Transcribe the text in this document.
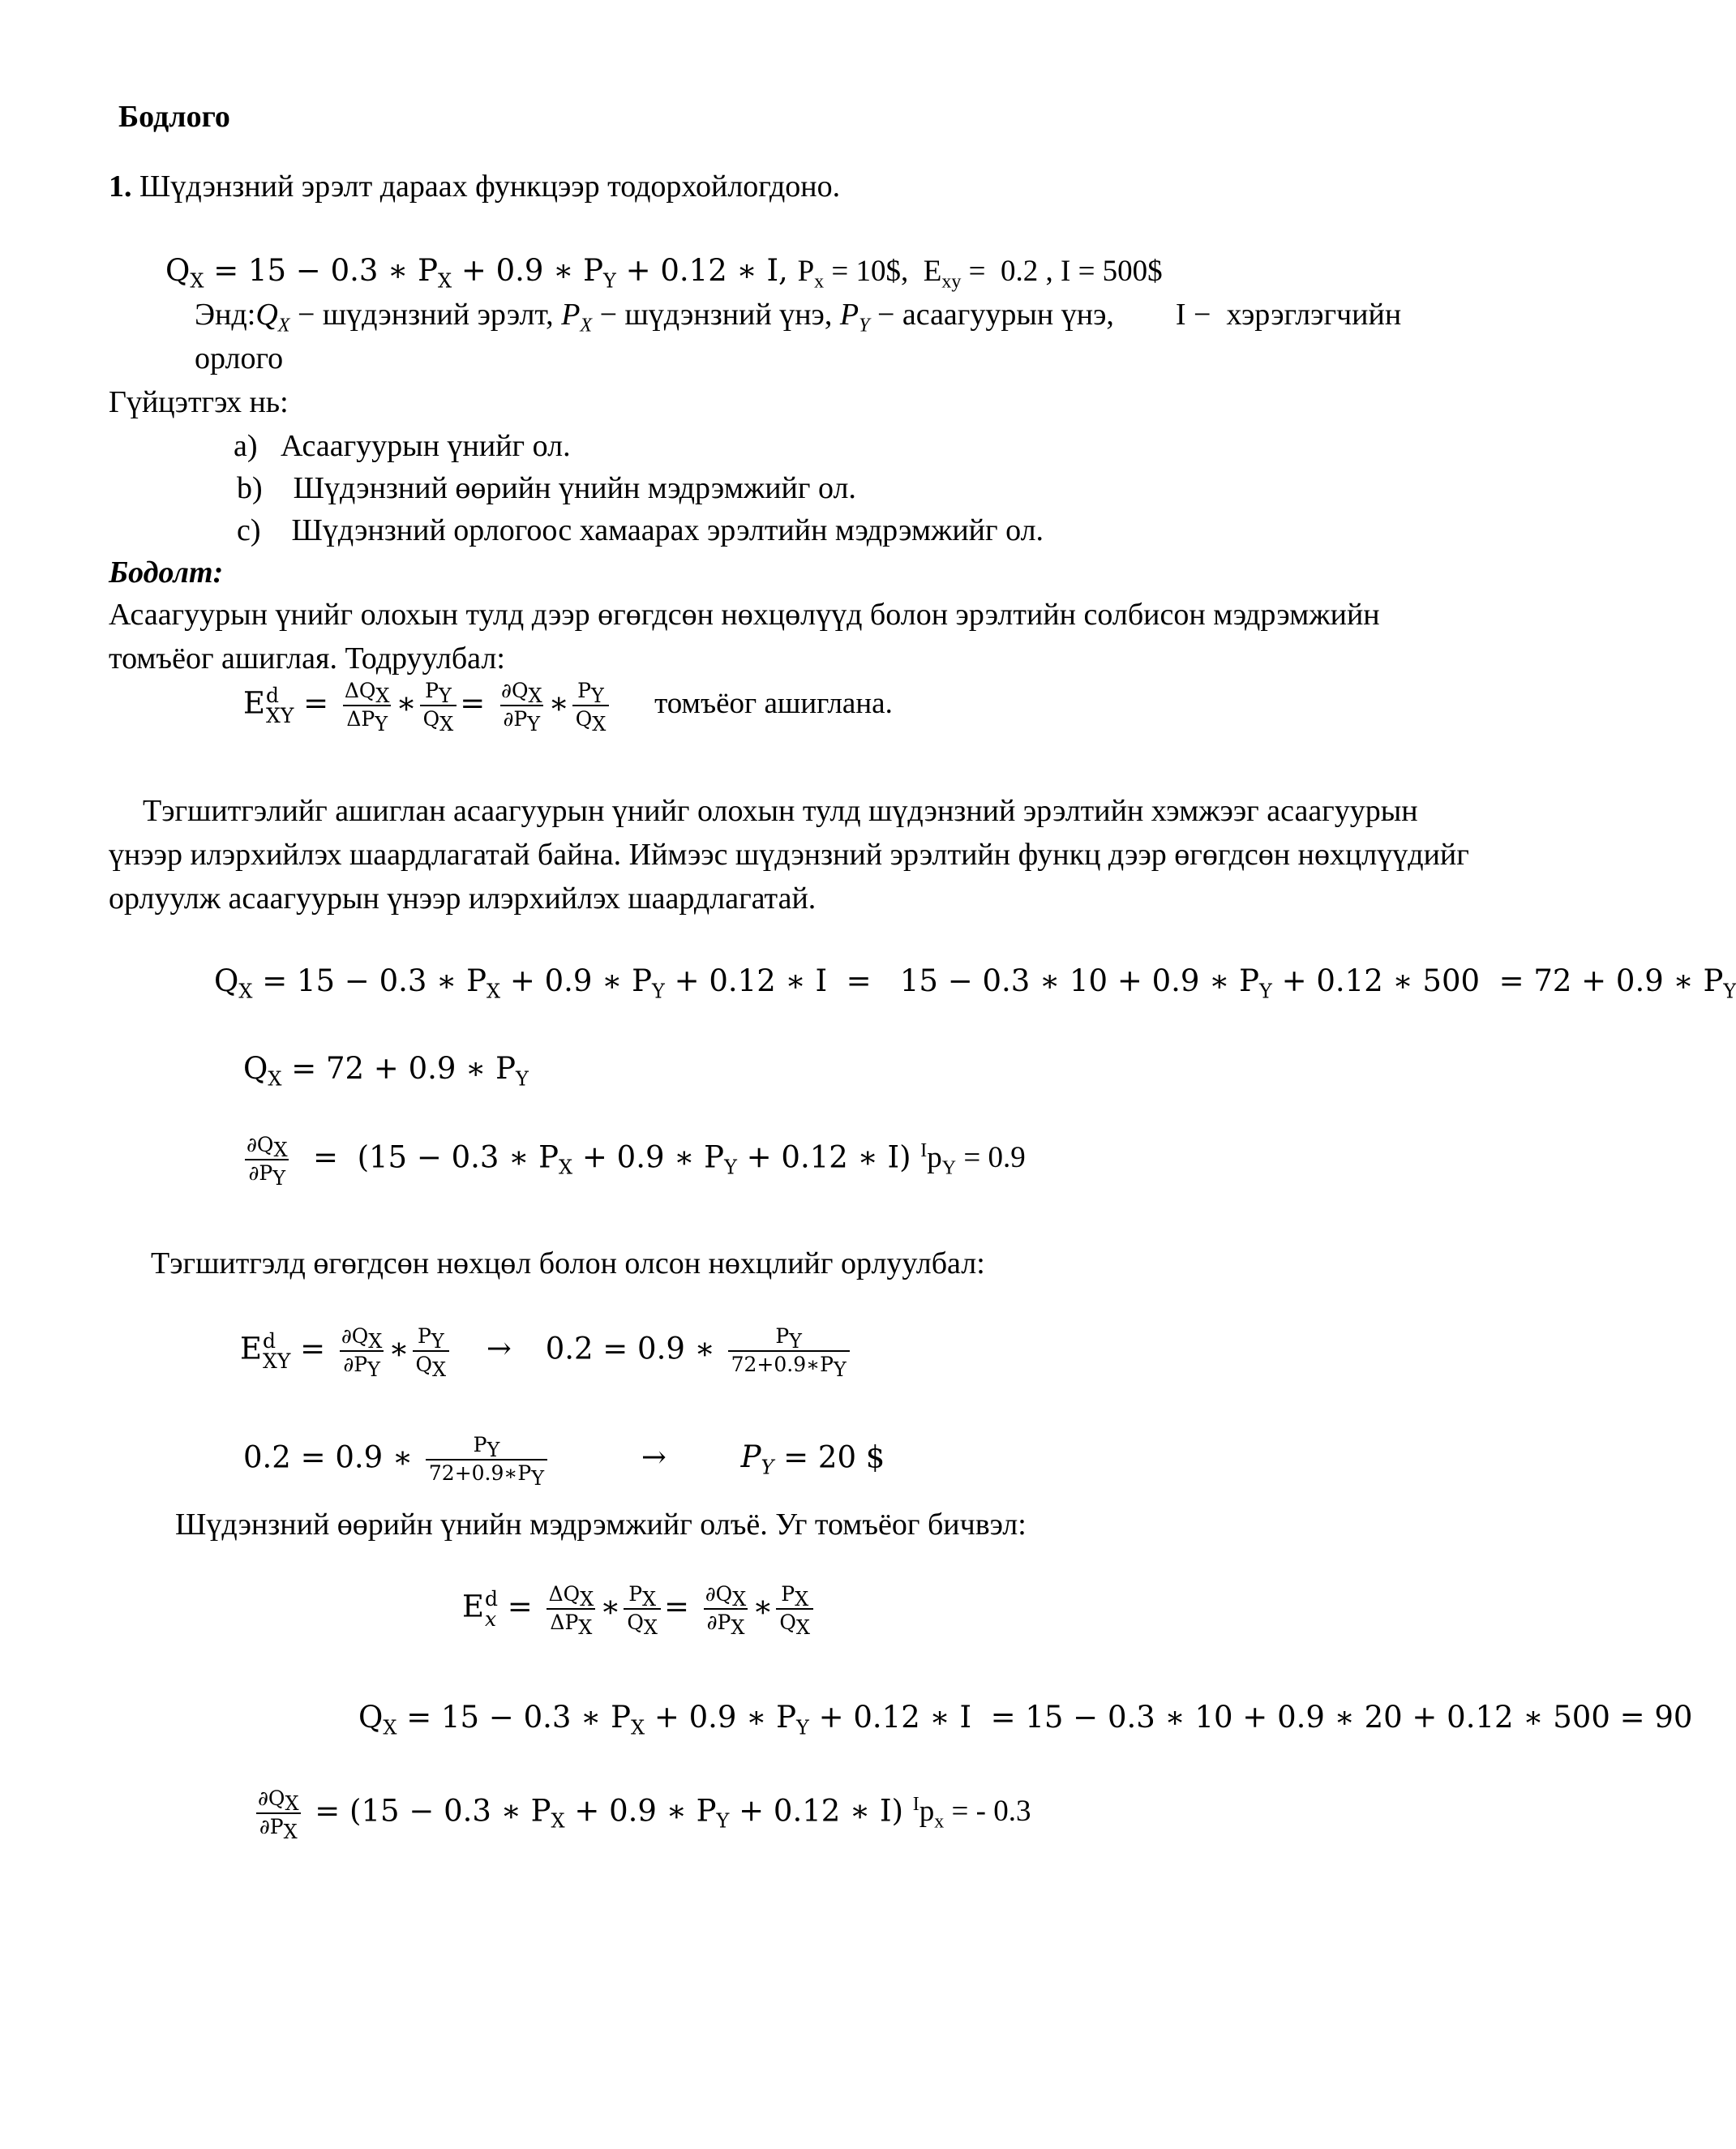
Бодлого
1. Шүдэнзний эрэлт дараах функцээр тодорхойлогдоно.
$Q_X = 15 - 0.3$ ∗ $P_X + 0.9$ ∗ $P_Y + 0.12$ ∗ I, $P_x$ = 10$,  $E_{xy} = 0.2$ , I = 500$
$Энд:Q_X$ − шүдэнзний эрэлт, $P_X$ − шүдэнзний үнэ, $P_Y$ − асаагуурын үнэ,        I −  хэрэглэгчийн
орлого
Гүйцэтгэх нь:
a) Асаагуурын үнийг ол.
b) Шүдэнзний өөрийн үнийн мэдрэмжийг ол.
c) Шүдэнзний орлогоос хамаарах эрэлтийн мэдрэмжийг ол.
Бодолт:
Асаагуурын үнийг олохын тулд дээр өгөгдсөн нөхцөлүүд болон эрэлтийн солбисон мэдрэмжийн
томъёог ашиглая. Тодруулбал:
E d
XY = $\frac{\Delta Q_X}{\Delta P_Y}$ ∗ $\frac{P_Y}{Q_X} = \frac{\partial Q_X}{\partial P_Y}$ ∗ $\frac{P_Y}{Q_X}$ томъёог ашиглана.
Тэгшитгэлийг ашиглан асаагуурын үнийг олохын тулд шүдэнзний эрэлтийн хэмжээг асаагуурын
үнээр илэрхийлэх шаардлагатай байна. Иймээс шүдэнзний эрэлтийн функц дээр өгөгдсөн нөхцлүүдийг
орлуулж асаагуурын үнээр илэрхийлэх шаардлагатай.
$Q_X = 15 - 0.3$ ∗ $P_X + 0.9$ ∗ $P_Y + 0.12$ ∗ I  =   15 − 0.3 ∗ 10 + 0.9 ∗ $P_Y + 0.12$ ∗ 500  = 72 + 0.9 ∗ $P_Y$
$Q_X = 72 + 0.9$ ∗ $P_Y$
$\frac{\partial Q_X}{\partial P_Y} = (15 - 0.3$ ∗ $P_X + 0.9$ ∗ $P_Y + 0.12$ ∗ I) $^Ip_Y = 0.9$
Тэгшитгэлд өгөгдсөн нөхцөл болон олсон нөхцлийг орлуулбал:
E d
XY = $\frac{\partial Q_X}{\partial P_Y}$ ∗ $\frac{P_Y}{Q_X} \to 0.2 = 0.9$ ∗ $\frac{P_Y}{72+0.9∗P_Y}$
0.2 = 0.9 ∗ $\frac{P_Y}{72+0.9∗P_Y}$	→ $P_Y = 20$ $
Шүдэнзний өөрийн үнийн мэдрэмжийг олъё. Уг томъёог бичвэл:
E d
$x = \frac{\Delta Q_X}{\Delta P_X}$ ∗ $\frac{P_X}{Q_X} = \frac{\partial Q_X}{\partial P_X}$ ∗ $\frac{P_X}{Q_X}$
$Q_X = 15 - 0.3$ ∗ $P_X + 0.9$ ∗ $P_Y + 0.12$ ∗ I  = 15 − 0.3 ∗ 10 + 0.9 ∗ 20 + 0.12 ∗ 500 = 90
$\frac{\partial Q_X}{\partial P_X} = (15 - 0.3$ ∗ $P_X + 0.9$ ∗ $P_Y + 0.12$ ∗ I) $^Ip_x$ = - 0.3
